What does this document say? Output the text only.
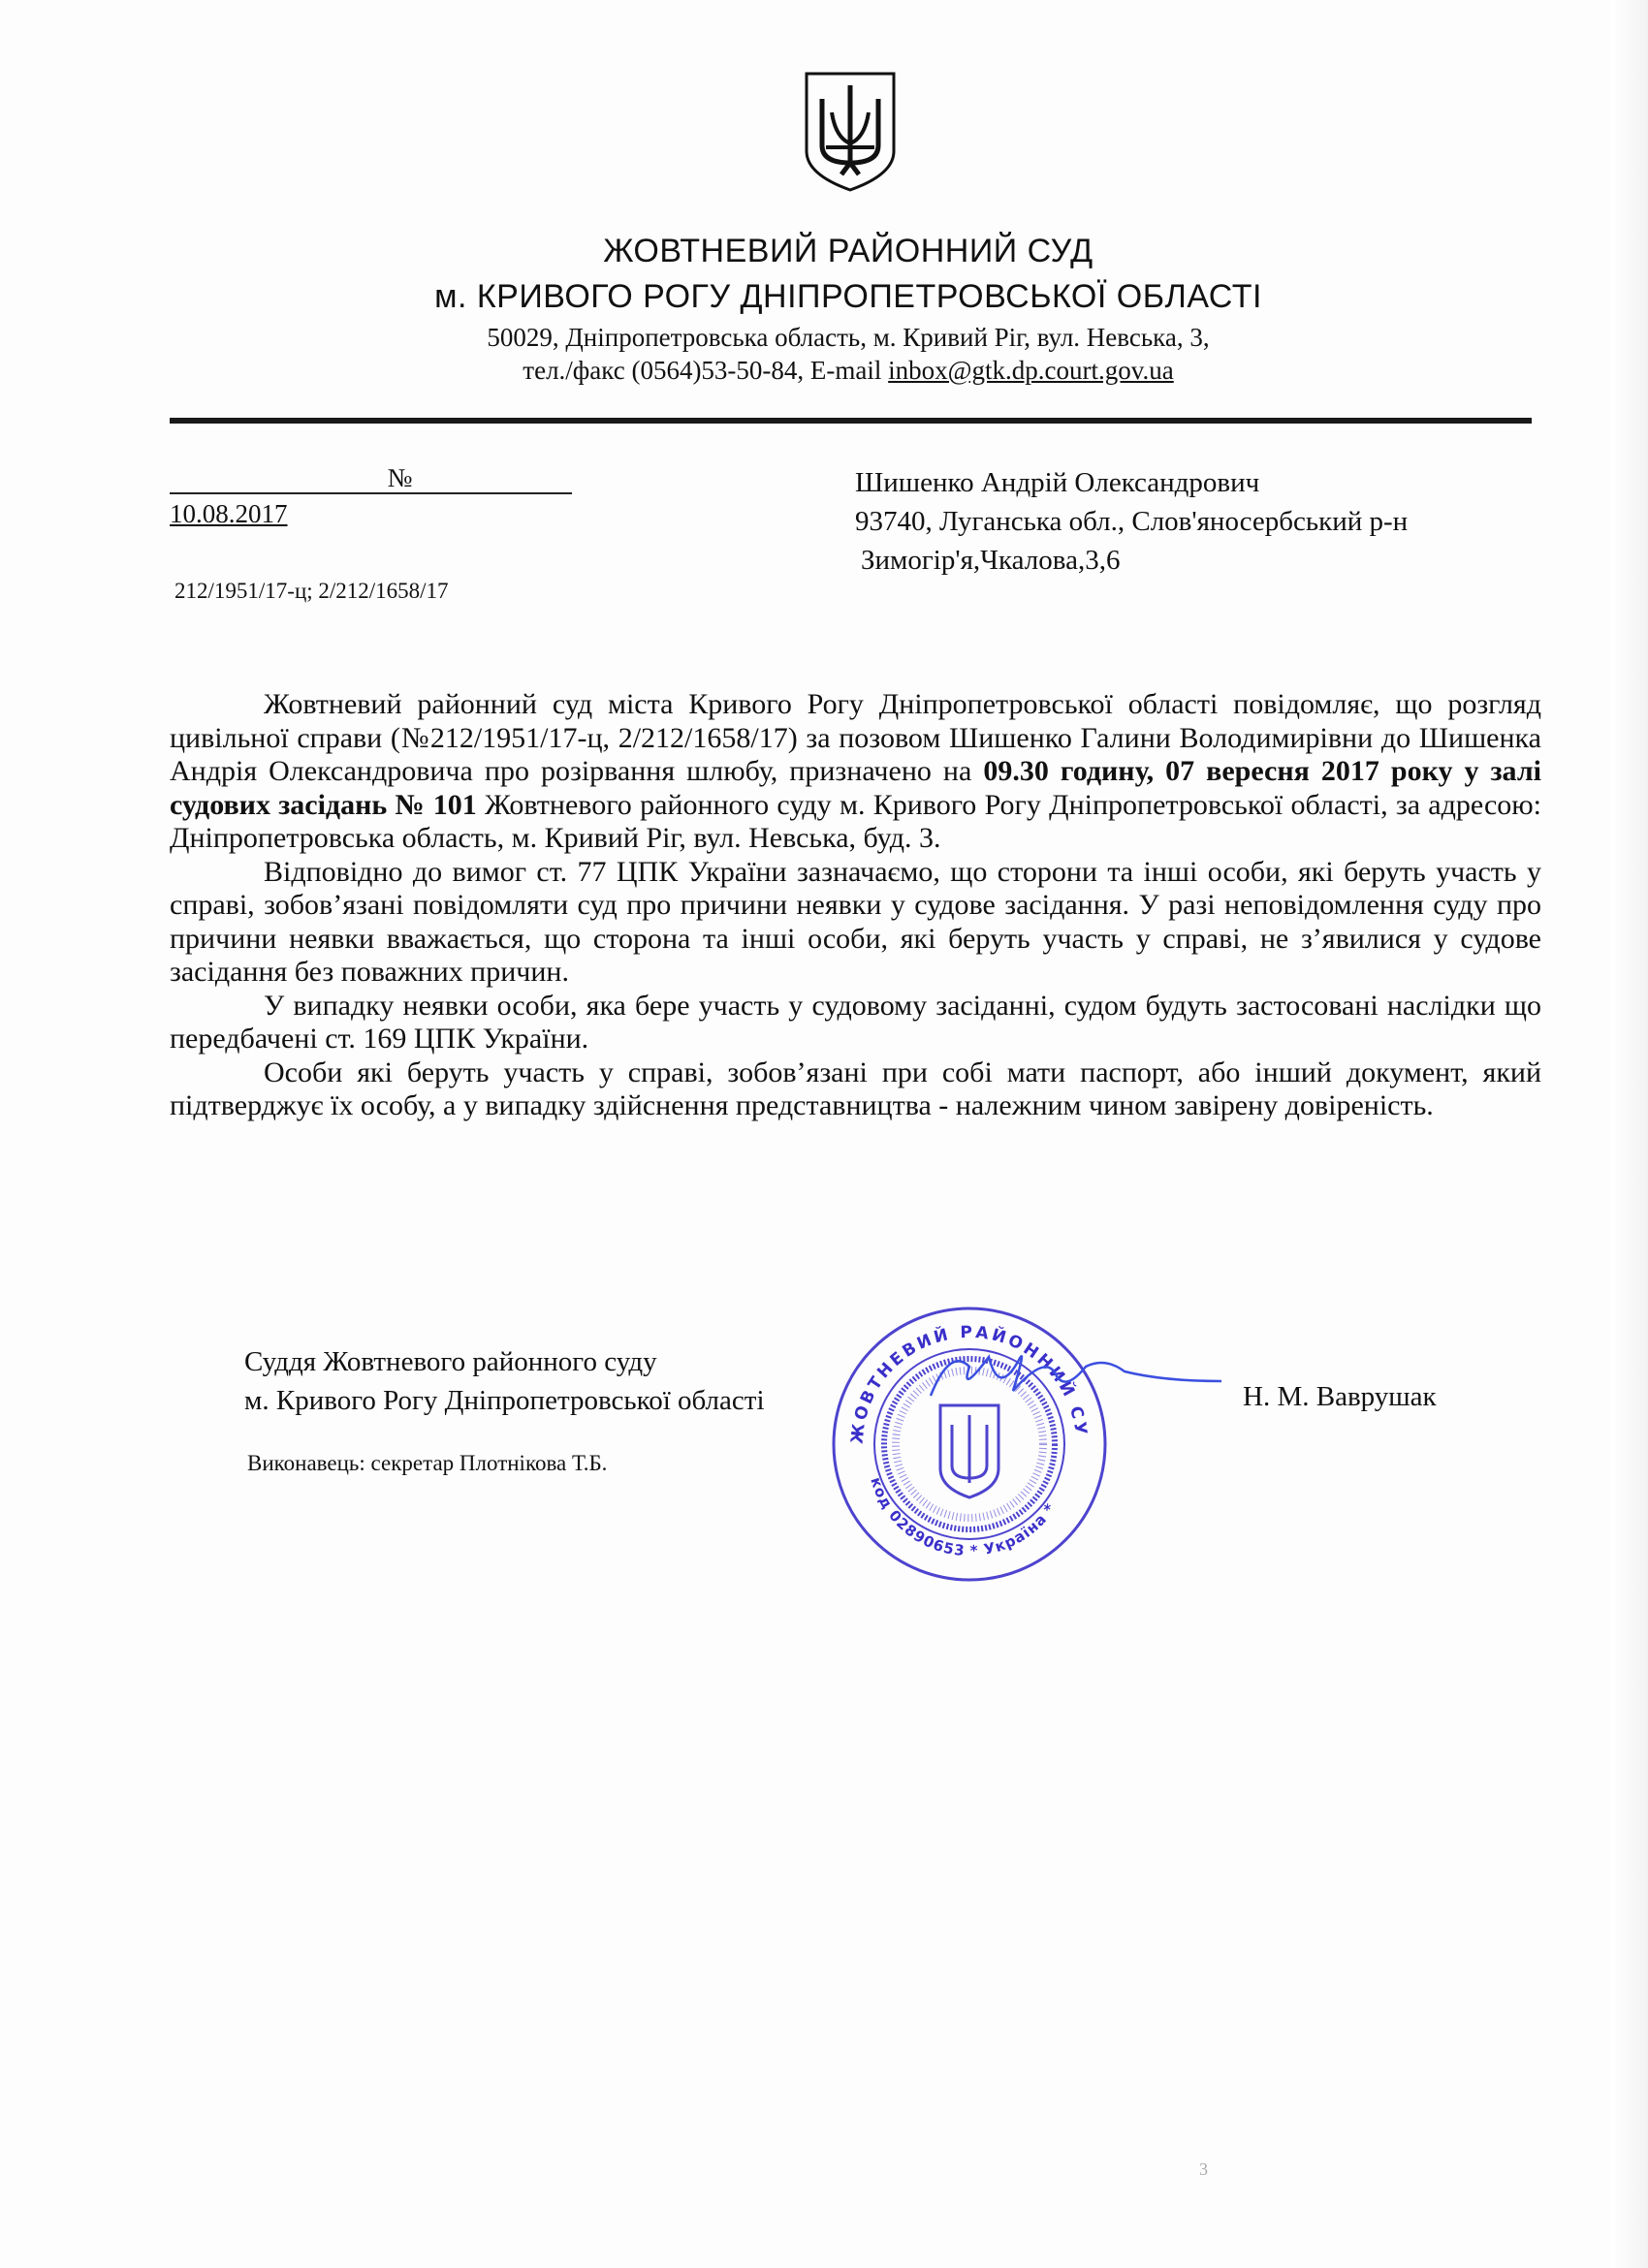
ЖОВТНЕВИЙ РАЙОННИЙ СУД
м. КРИВОГО РОГУ ДНІПРОПЕТРОВСЬКОЇ ОБЛАСТІ
50029, Дніпропетровська область, м. Кривий Ріг, вул. Невська, 3,
тел./факс (0564)53-50-84, E-mail inbox@gtk.dp.court.gov.ua
№
10.08.2017
212/1951/17-ц; 2/212/1658/17
Шишенко Андрій Олександрович
93740, Луганська обл., Слов'яносербський р-н
Зимогір'я,Чкалова,3,6

Жовтневий районний суд міста Кривого Рогу Дніпропетровської області повідомляє, що розгляд цивільної справи (№212/1951/17-ц, 2/212/1658/17) за позовом Шишенко Галини Володимирівни до Шишенка Андрія Олександровича про розірвання шлюбу, призначено на 09.30 годину, 07 вересня 2017 року у залі судових засідань № 101 Жовтневого районного суду м. Кривого Рогу Дніпропетровської області, за адресою: Дніпропетровська область, м. Кривий Ріг, вул. Невська, буд. 3.

Відповідно до вимог ст. 77 ЦПК України зазначаємо, що сторони та інші особи, які беруть участь у справі, зобов’язані повідомляти суд про причини неявки у судове засідання. У разі неповідомлення суду про причини неявки вважається, що сторона та інші особи, які беруть участь у справі, не з’явилися у судове засідання без поважних причин.

У випадку неявки особи, яка бере участь у судовому засіданні, судом будуть застосовані наслідки що передбачені ст. 169 ЦПК України.

Особи які беруть участь у справі, зобов’язані при собі мати паспорт, або інший документ, який підтверджує їх особу, а у випадку здійснення представництва - належним чином завірену довіреність.

Суддя Жовтневого районного суду
м. Кривого Рогу Дніпропетровської області
Виконавець: секретар Плотнікова Т.Б.
Н. М. Ваврушак
ЖОВТНЕВИЙ РАЙОННИЙ СУ
код 02890653 * Україна *
3
